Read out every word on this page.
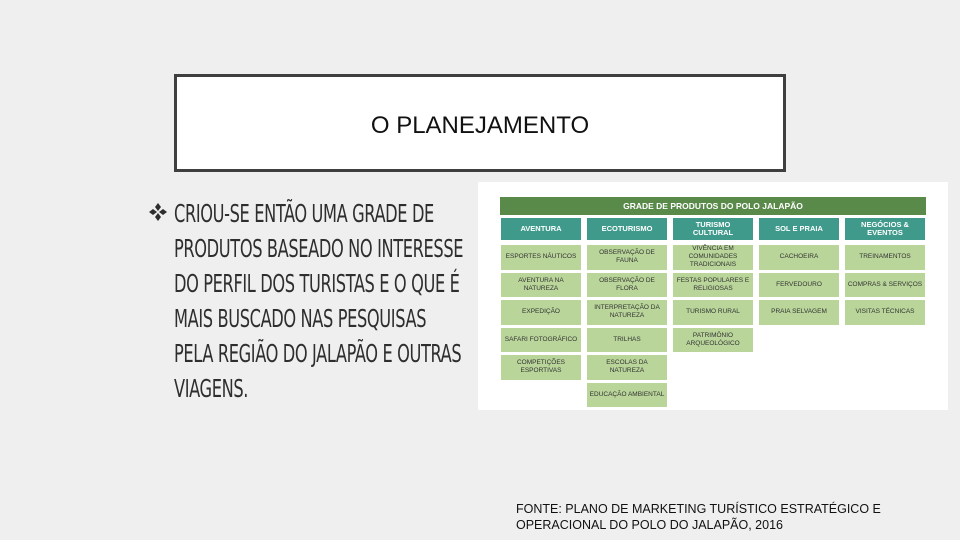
O PLANEJAMENTO
CRIOU-SE ENTÃO UMA GRADE DE PRODUTOS BASEADO NO INTERESSE DO PERFIL DOS TURISTAS E O QUE É MAIS BUSCADO NAS PESQUISAS PELA REGIÃO DO JALAPÃO E OUTRAS VIAGENS.
GRADE DE PRODUTOS DO POLO JALAPÃO
AVENTURA
ESPORTES NÁUTICOS
AVENTURA NA NATUREZA
EXPEDIÇÃO
SAFARI FOTOGRÁFICO
COMPETIÇÕES ESPORTIVAS
ECOTURISMO
OBSERVAÇÃO DE FAUNA
OBSERVAÇÃO DE FLORA
INTERPRETAÇÃO DA NATUREZA
TRILHAS
ESCOLAS DA NATUREZA
EDUCAÇÃO AMBIENTAL
TURISMO CULTURAL
VIVÊNCIA EM COMUNIDADES TRADICIONAIS
FESTAS POPULARES E RELIGIOSAS
TURISMO RURAL
PATRIMÔNIO ARQUEOLÓGICO
SOL E PRAIA
CACHOEIRA
FERVEDOURO
PRAIA SELVAGEM
NEGÓCIOS & EVENTOS
TREINAMENTOS
COMPRAS & SERVIÇOS
VISITAS TÉCNICAS
FONTE: PLANO DE MARKETING TURÍSTICO ESTRATÉGICO E
OPERACIONAL DO POLO DO JALAPÃO, 2016
